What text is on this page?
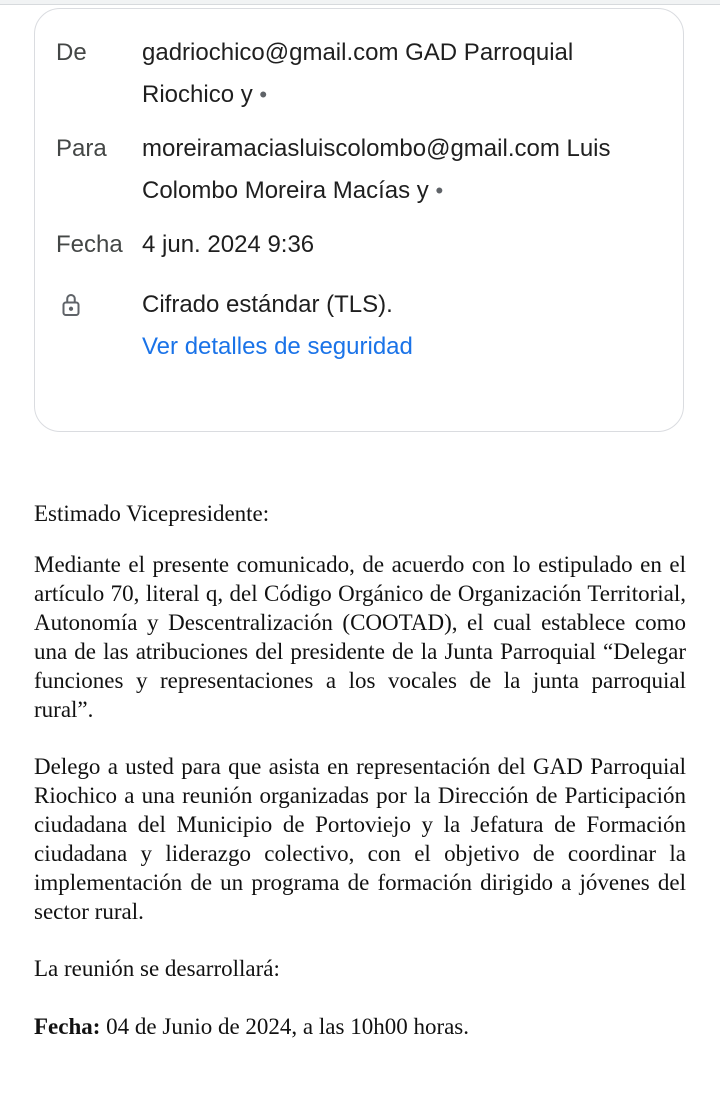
De	gadriochico@gmail.com GAD Parroquial Riochico y •
Para	moreiramaciasluiscolombo@gmail.com Luis Colombo Moreira Macías y •
Fecha 4 jun. 2024 9:36
Cifrado estándar (TLS).
Ver detalles de seguridad

Estimado Vicepresidente:

Mediante el presente comunicado, de acuerdo con lo estipulado en el artículo 70, literal q, del Código Orgánico de Organización Territorial, Autonomía y Descentralización (COOTAD), el cual establece como una de las atribuciones del presidente de la Junta Parroquial “Delegar funciones y representaciones a los vocales de la junta parroquial rural”.

Delego a usted para que asista en representación del GAD Parroquial Riochico a una reunión organizadas por la Dirección de Participación ciudadana del Municipio de Portoviejo y la Jefatura de Formación ciudadana y liderazgo colectivo, con el objetivo de coordinar la implementación de un programa de formación dirigido a jóvenes del sector rural.

La reunión se desarrollará:

Fecha: 04 de Junio de 2024, a las 10h00 horas.
